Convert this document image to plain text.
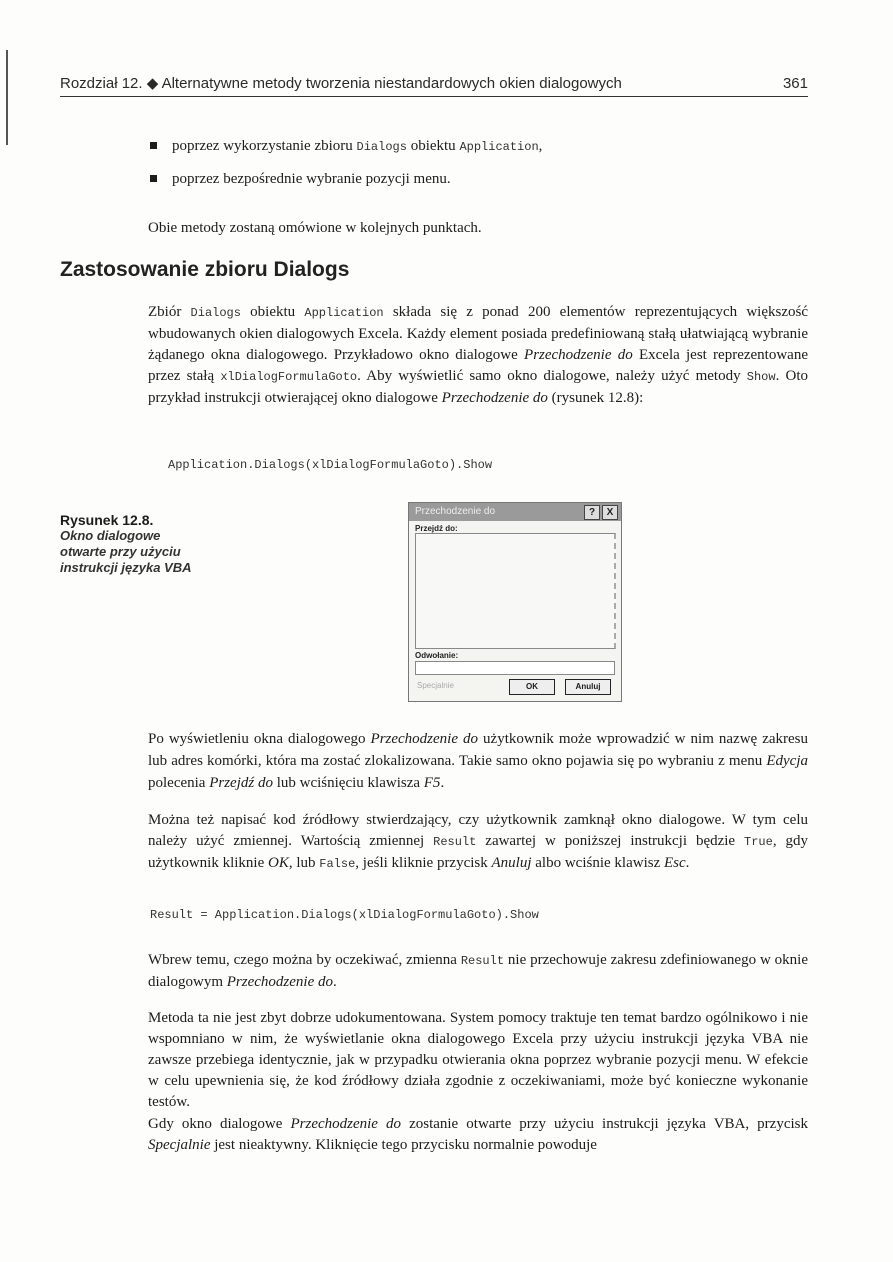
Rozdział 12. ◆ Alternatywne metody tworzenia niestandardowych okien dialogowych	361
poprzez wykorzystanie zbioru Dialogs obiektu Application,
poprzez bezpośrednie wybranie pozycji menu.
Obie metody zostaną omówione w kolejnych punktach.
Zastosowanie zbioru Dialogs
Zbiór Dialogs obiektu Application składa się z ponad 200 elementów reprezentujących większość wbudowanych okien dialogowych Excela. Każdy element posiada predefiniowaną stałą ułatwiającą wybranie żądanego okna dialogowego. Przykładowo okno dialogowe Przechodzenie do Excela jest reprezentowane przez stałą xlDialogFormulaGoto. Aby wyświetlić samo okno dialogowe, należy użyć metody Show. Oto przykład instrukcji otwierającej okno dialogowe Przechodzenie do (rysunek 12.8):
Application.Dialogs(xlDialogFormulaGoto).Show
Rysunek 12.8.
Okno dialogowe
otwarte przy użyciu
instrukcji języka VBA
Przechodzenie do	?	X
Przejdź do:
Odwołanie:
Specjalnie	OK	Anuluj
Po wyświetleniu okna dialogowego Przechodzenie do użytkownik może wprowadzić w nim nazwę zakresu lub adres komórki, która ma zostać zlokalizowana. Takie samo okno pojawia się po wybraniu z menu Edycja polecenia Przejdź do lub wciśnięciu klawisza F5.
Można też napisać kod źródłowy stwierdzający, czy użytkownik zamknął okno dialogowe. W tym celu należy użyć zmiennej. Wartością zmiennej Result zawartej w poniższej instrukcji będzie True, gdy użytkownik kliknie OK, lub False, jeśli kliknie przycisk Anuluj albo wciśnie klawisz Esc.
Result = Application.Dialogs(xlDialogFormulaGoto).Show
Wbrew temu, czego można by oczekiwać, zmienna Result nie przechowuje zakresu zdefiniowanego w oknie dialogowym Przechodzenie do.
Metoda ta nie jest zbyt dobrze udokumentowana. System pomocy traktuje ten temat bardzo ogólnikowo i nie wspomniano w nim, że wyświetlanie okna dialogowego Excela przy użyciu instrukcji języka VBA nie zawsze przebiega identycznie, jak w przypadku otwierania okna poprzez wybranie pozycji menu. W efekcie w celu upewnienia się, że kod źródłowy działa zgodnie z oczekiwaniami, może być konieczne wykonanie testów.
Gdy okno dialogowe Przechodzenie do zostanie otwarte przy użyciu instrukcji języka VBA, przycisk Specjalnie jest nieaktywny. Kliknięcie tego przycisku normalnie powoduje
